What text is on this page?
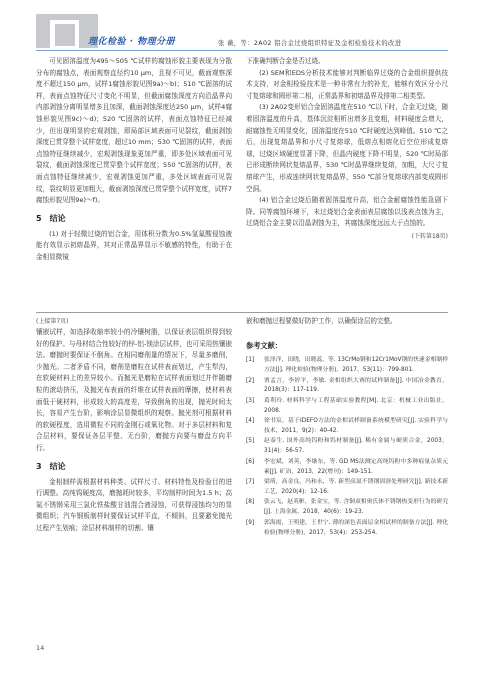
理化检验 · 物理分册	张 薇，等：2A02 铝合金过烧组织特征及金相检验技术的改进

可见固溶温度为495～505 ℃试样的腐蚀形貌主要表现为分散分布的腐蚀点，表面观察直径约10 μm，且视不可见，截面观察深度不超过150 μm，试样1腐蚀形貌见图9a)～b)；510 ℃固溶的试样，表面点蚀特征尺寸变化不明显，但截面腐蚀深度方向沿晶界向内部剥蚀分离明显增多且加深，截面剥蚀深度达250 μm，试样4腐蚀形貌见图9c)～d)；520 ℃固溶的试样，表面点蚀特征已经减少，但出现明显的宏观剥蚀，即局部区域表面可见裂纹，截面剥蚀深度已贯穿整个试样宽度，超过10 mm；530 ℃固溶的试样，表面点蚀特征继续减少，宏观剥蚀现象更加严重，即多处区域表面可见裂纹，截面剥蚀深度已贯穿整个试样宽度；550 ℃固溶的试样，表面点蚀特征继续减少，宏观剥蚀更加严重，多处区域表面可见裂纹，裂纹明显更加粗大，截面剥蚀深度已贯穿整个试样宽度，试样7腐蚀形貌见图9e)～f)。

5　结论

(1) 对于轻微过烧的铝合金，用体积分数为0.5%氢氟酸侵蚀液能有效显示初熔晶界，其对正常晶界显示不敏感的特性，有助于在金相显微镜

下准确判断合金是否过烧。

(2) SEM和EDS分析技术能够对判断临界过烧的合金组织提供技术支持，对金相检验技术是一种非常有力的补充，能够有效区分小尺寸复熔球和圆形第二相，正常晶界和初熔晶界及排第二相类型。

(3) 2A02变形铝合金固溶温度在510 ℃以下时，合金无过烧，随着固溶温度的升高，基体沉淀相析出增多且变粗，材料硬度会增大，耐腐蚀性无明显变化，固溶温度在510 ℃时硬度达到峰值。510 ℃之后，出现复熔晶界和小尺寸复熔球，低熔点相熔化后空位形成复熔球，过烧区域硬度显著下降，但晶内硬度下降不明显，520 ℃时局部已形成断续网状复熔晶界，530 ℃时晶界继续复熔，加粗，大尺寸复熔球产生，形成连续网状复熔晶界，550 ℃部分复熔球内部变成圆形空洞。

(4) 铝合金过烧后随着固溶温度升高，铝合金耐腐蚀性能急剧下降。同等腐蚀环境下，未过烧铝合金表面表层腐蚀以浅表点蚀为主，过烧铝合金主要以沿晶剥蚀为主，其腐蚀深度远远大于点蚀的。

(下转第18页)
(上接第7页)

镶嵌试样，如选择收缩率较小的冷镶树脂，以保证表层组织得到较好的保护。与母材结合性较好的锌-铝-镁涂层试样，也可采用热镶嵌法。磨抛时要保证不倒角。在相同磨削量的情况下，尽量多磨削，少抛光。二者矛盾不同，磨削是磨粒在试样表面划过，产生犁沟，在软硬材料上的差异较小。而抛光是磨粒在试样表面划过并伴随磨粒的滚动挤压，及抛光布表面的纤维在试样表面的摩擦，使材料表面低于硬材料，形成较大的高度差，导致倒角的出现，抛光时间太长，容易产生台阶，影响涂层显微组织的观察。抛光剂可根据材料的软硬程度，选用微粒不同的金刚石或氧化物。对于多层材料和复合层材料，要保证各层平整、无台阶，磨抛方向要与磨盘方向平行。

3　结论

金相制样需根据材料种类、试样尺寸、材料特性及检验目的进行调整。高纯钨硬度高，磨抛耗时较多，平均制样时间为1.5 h；高氮不锈钢采用三氯化铁盐酸甘油混合液浸蚀，可获得浸蚀均匀的显微组织；汽车钢板制样时要保证试样平直，不倾斜，且要避免抛光过程产生划痕；涂层材料制样的切割、镶

嵌和磨抛过程要做好防护工作，以确保涂层的完整。

参考文献：
[1]	张泽洋，田晓，田晓蕊，等. 13CrMo钢和12Cr1MoV钢的快速金相制样方法[J]. 理化检验(物理分册)，2017，53(11)：799-801.
[2]	贾孟言，李婷平，李敏. 金相组织大赛的试样制备[J]. 中国冶金教育，2018(3)：117-119.
[3]	葛利玲. 材料科学与工程基础实验教程[M]. 北京：机械工业出版社，2008.
[4]	徐书宸，基于IDEFO方法的金相试样制备系统模型研究[J]. 实验科学与技术，2011，9(2)：40-42.
[5]	赵泰生. 国外高纯钨粉和钨材制备[J]. 稀有金属与硬质合金，2003，31(4)：56-57.
[6]	李宏斌，刘英，李继东，等. GD MS法测定高纯钨粉中多种痕量杂质元素[J]. 矿冶，2013，22(增刊)：149-151.
[7]	梁萌，高金良，冯和永，等. 新型高氮不锈钢固溶处理研究[J]. 新技术新工艺，2020(4)：12-16.
[8]	张云飞，赵英彬，张金宝，等. 含铜双相奥氏体不锈钢热变形行为的研究[J]. 上海金属，2018，40(6)：19-23.
[9]	郭海霞，王明建，王世宁. 薄的深色表面层金相试样的制备方法[J]. 理化检验(物理分册)，2017，53(4)：253-254.
14
